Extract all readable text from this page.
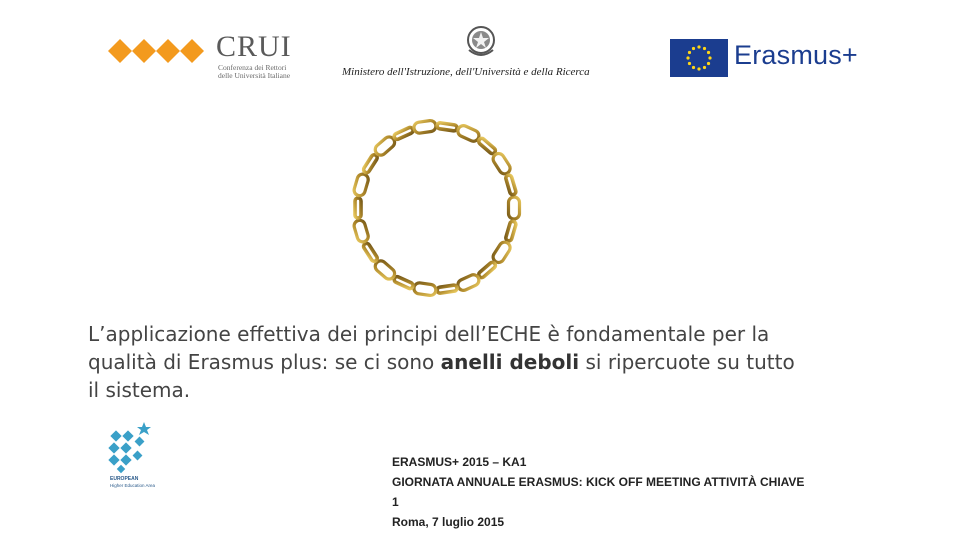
CRUI
Conferenza dei Rettori
delle Università Italiane	Ministero dell'Istruzione, dell'Università e della Ricerca
Erasmus+
L’applicazione effettiva dei principi dell’ECHE è fondamentale per la qualità di Erasmus plus: se ci sono anelli deboli si ripercuote su tutto il sistema.
EUROPEAN
Higher Education Area
ERASMUS+ 2015 – KA1
GIORNATA ANNUALE ERASMUS: KICK OFF MEETING ATTIVITÀ CHIAVE
1
Roma, 7 luglio 2015
